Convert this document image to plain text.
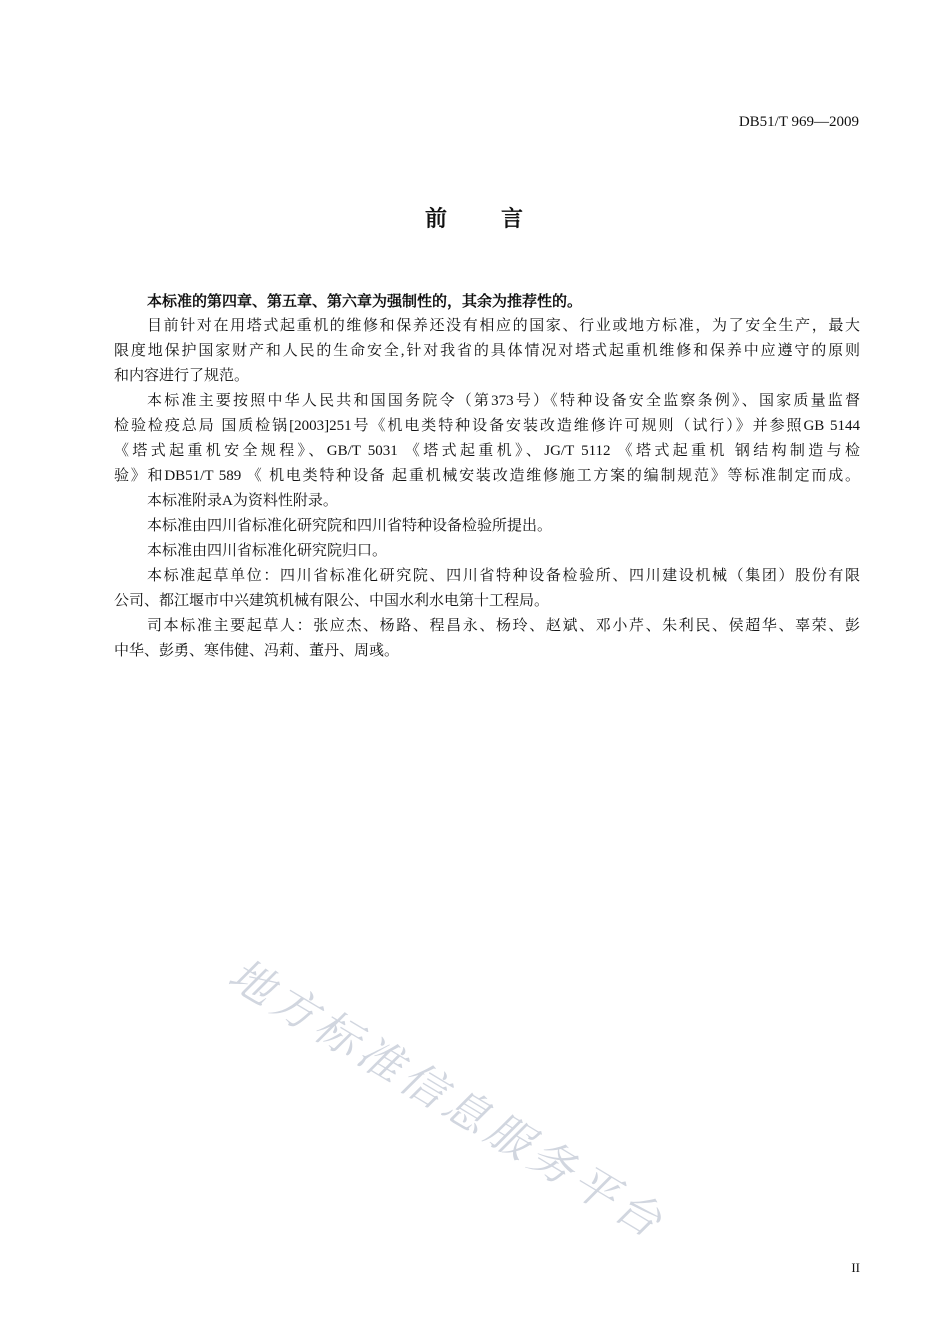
DB51/T 969—2009
前 言
本标准的第四章、第五章、第六章为强制性的，其余为推荐性的。
目前针对在用塔式起重机的维修和保养还没有相应的国家、行业或地方标准，为了安全生产，最大
限度地保护国家财产和人民的生命安全,针对我省的具体情况对塔式起重机维修和保养中应遵守的原则
和内容进行了规范。
本标准主要按照中华人民共和国国务院令（第373号）《特种设备安全监察条例》、国家质量监督
检验检疫总局 国质检锅[2003]251号《机电类特种设备安装改造维修许可规则（试行）》并参照GB 5144
《塔式起重机安全规程》、GB/T 5031 《塔式起重机》、JG/T 5112 《塔式起重机 钢结构制造与检
验》和DB51/T 589 《 机电类特种设备 起重机械安装改造维修施工方案的编制规范》等标准制定而成。
本标准附录A为资料性附录。
本标准由四川省标准化研究院和四川省特种设备检验所提出。
本标准由四川省标准化研究院归口。
本标准起草单位：四川省标准化研究院、四川省特种设备检验所、四川建设机械（集团）股份有限
公司、都江堰市中兴建筑机械有限公、中国水利水电第十工程局。
司本标准主要起草人：张应杰、杨路、程昌永、杨玲、赵斌、邓小芹、朱利民、侯超华、辜荣、彭
中华、彭勇、寒伟健、冯莉、董丹、周彧。
地方标准信息服务平台
II
